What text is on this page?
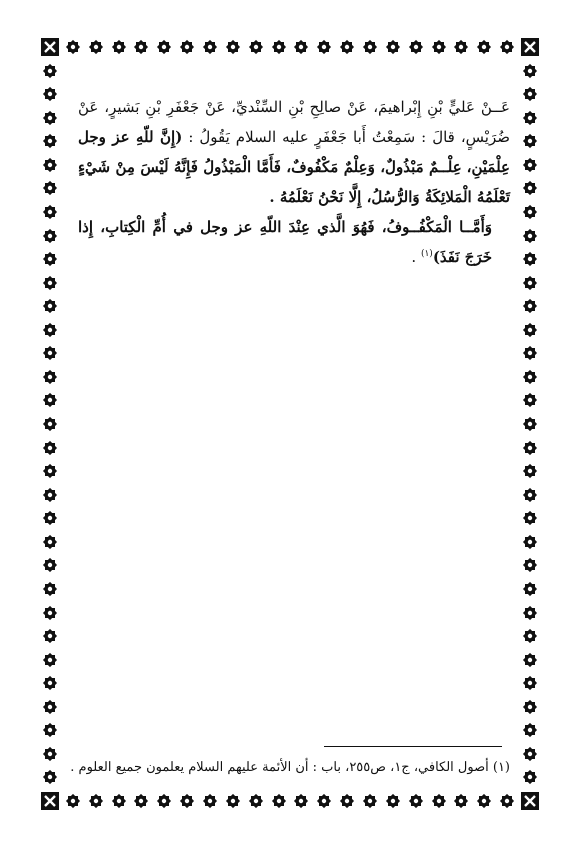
عَــنْ عَليٍّ بْنِ إِبْراهيمَ، عَنْ صالِحِ بْنِ السِّنْديِّ، عَنْ جَعْفَرِ بْنِ بَشيرٍ، عَنْ ضُرَيْسٍ، قالَ : سَمِعْتُ أَبا جَعْفَرٍ عليه السلام يَقُولُ : (إِنَّ للّهِ عز وجل عِلْمَيْنِ، عِلْــمٌ مَبْذُولٌ، وَعِلْمٌ مَكْفُوفٌ، فَأَمَّا الْمَبْذُولُ فَإِنَّهُ لَيْسَ مِنْ شَيْءٍ تَعْلَمُهُ الْمَلائِكَةُ وَالرُّسُلُ، إِلَّا نَحْنُ نَعْلَمُهُ .

وَأَمَّــا الْمَكْفُــوفُ، فَهُوَ الَّذي عِنْدَ اللّهِ عز وجل في أُمِّ الْكِتابِ، إِذا خَرَجَ نَفَذَ)$^{(١)}$ .

(١) أصول الكافي، ج١، ص٢٥٥، باب : أن الأئمة عليهم السلام يعلمون جميع العلوم .
